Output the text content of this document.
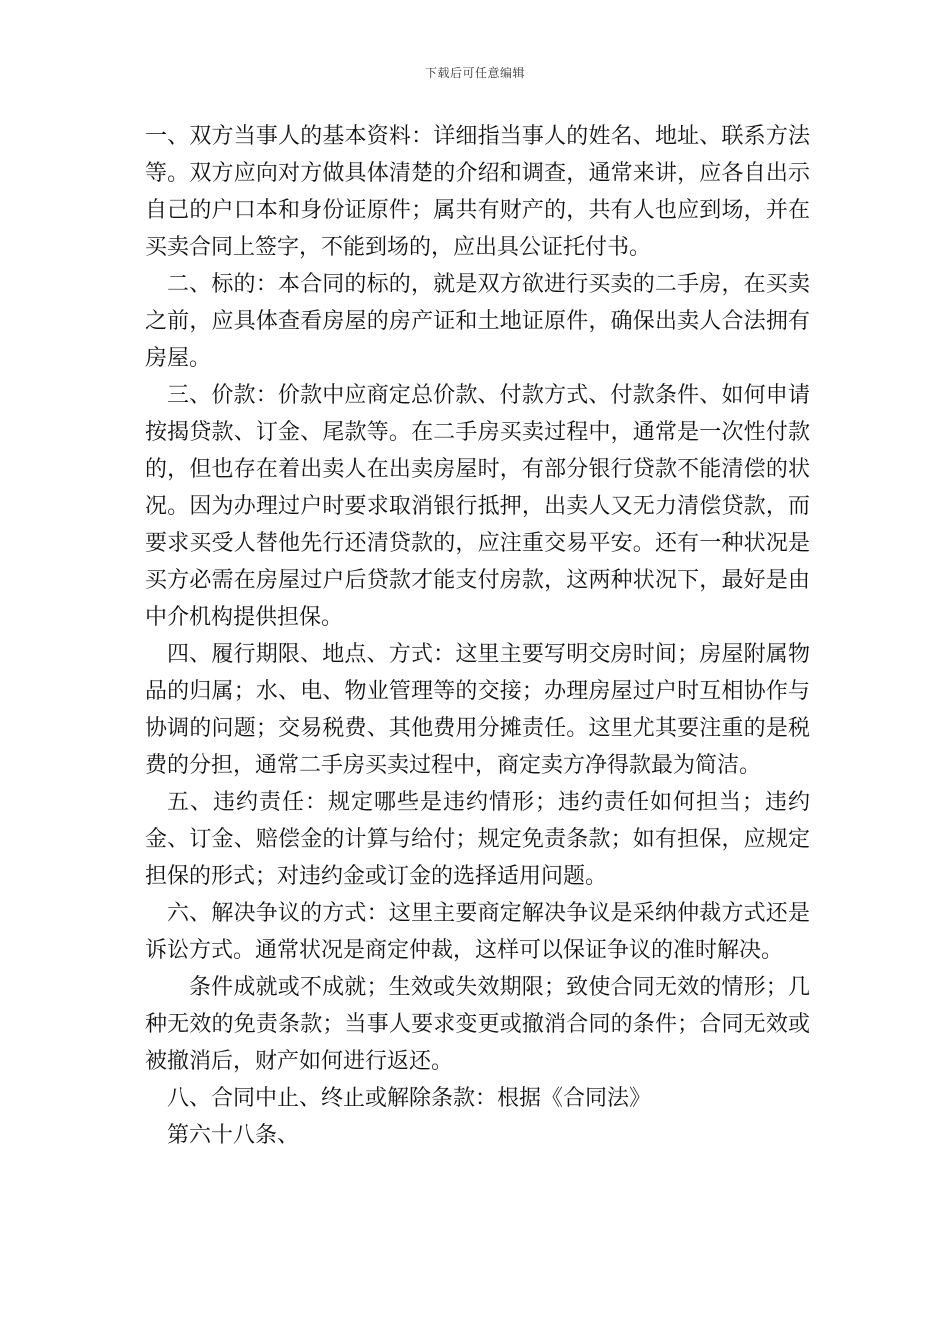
下载后可任意编辑

一、双方当事人的基本资料：详细指当事人的姓名、地址、联系方法等。双方应向对方做具体清楚的介绍和调查，通常来讲，应各自出示自己的户口本和身份证原件；属共有财产的，共有人也应到场，并在买卖合同上签字，不能到场的，应出具公证托付书。

二、标的：本合同的标的，就是双方欲进行买卖的二手房，在买卖之前，应具体查看房屋的房产证和土地证原件，确保出卖人合法拥有房屋。

三、价款：价款中应商定总价款、付款方式、付款条件、如何申请按揭贷款、订金、尾款等。在二手房买卖过程中，通常是一次性付款的，但也存在着出卖人在出卖房屋时，有部分银行贷款不能清偿的状况。因为办理过户时要求取消银行抵押，出卖人又无力清偿贷款，而要求买受人替他先行还清贷款的，应注重交易平安。还有一种状况是买方必需在房屋过户后贷款才能支付房款，这两种状况下，最好是由中介机构提供担保。

四、履行期限、地点、方式：这里主要写明交房时间；房屋附属物品的归属；水、电、物业管理等的交接；办理房屋过户时互相协作与协调的问题；交易税费、其他费用分摊责任。这里尤其要注重的是税费的分担，通常二手房买卖过程中，商定卖方净得款最为简洁。

五、违约责任：规定哪些是违约情形；违约责任如何担当；违约金、订金、赔偿金的计算与给付；规定免责条款；如有担保，应规定担保的形式；对违约金或订金的选择适用问题。

六、解决争议的方式：这里主要商定解决争议是采纳仲裁方式还是诉讼方式。通常状况是商定仲裁，这样可以保证争议的准时解决。

条件成就或不成就；生效或失效期限；致使合同无效的情形；几种无效的免责条款；当事人要求变更或撤消合同的条件；合同无效或被撤消后，财产如何进行返还。

八、合同中止、终止或解除条款：根据《合同法》

第六十八条、
